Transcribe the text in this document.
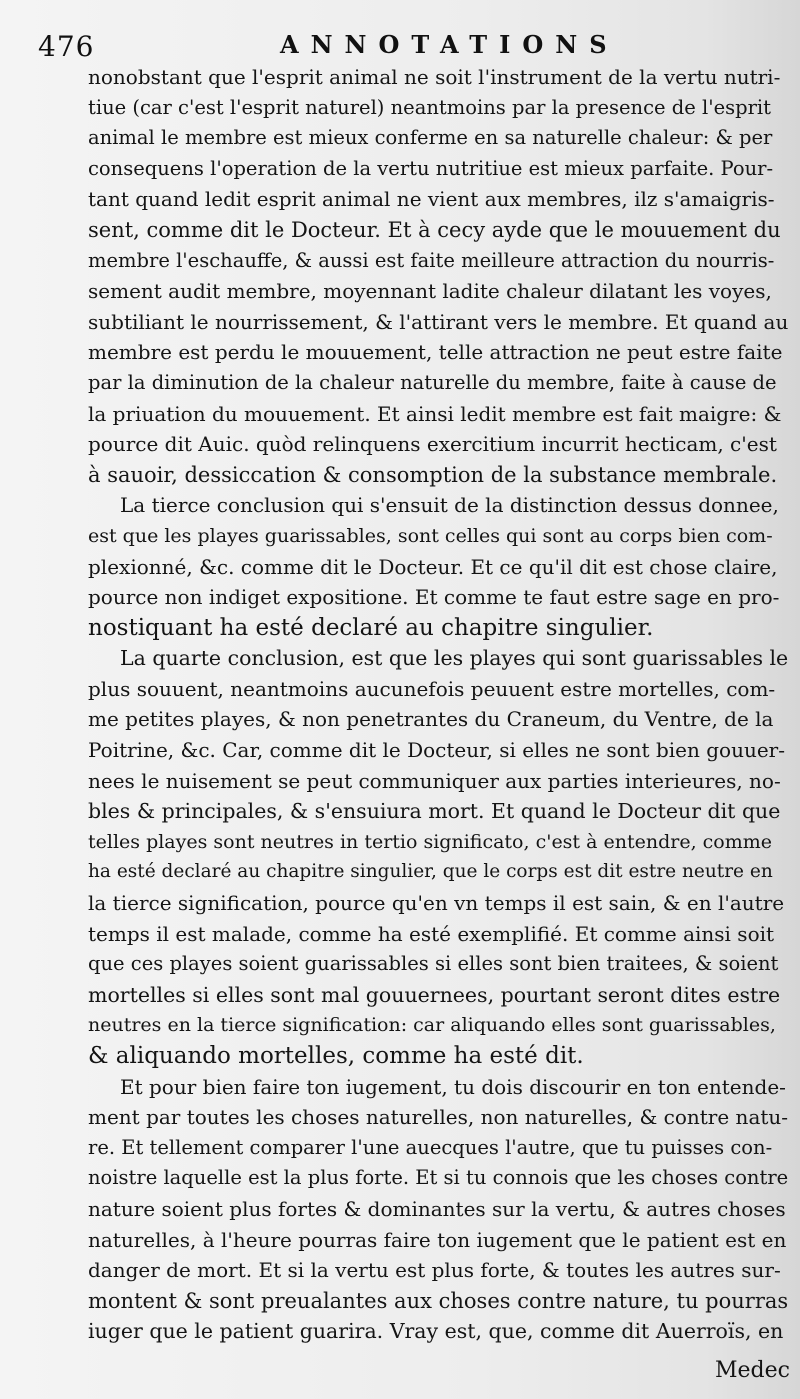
476	ANNOTATIONS
nonobstant que l'esprit animal ne soit l'instrument de la vertu nutri-
tiue (car c'est l'esprit naturel) neantmoins par la presence de l'esprit
animal le membre est mieux conferme en sa naturelle chaleur: & per
consequens l'operation de la vertu nutritiue est mieux parfaite. Pour-
tant quand ledit esprit animal ne vient aux membres, ilz s'amaigris-
sent, comme dit le Docteur. Et à cecy ayde que le mouuement du
membre l'eschauffe, & aussi est faite meilleure attraction du nourris-
sement audit membre, moyennant ladite chaleur dilatant les voyes,
subtiliant le nourrissement, & l'attirant vers le membre. Et quand au
membre est perdu le mouuement, telle attraction ne peut estre faite
par la diminution de la chaleur naturelle du membre, faite à cause de
la priuation du mouuement. Et ainsi ledit membre est fait maigre: &
pource dit Auic. quòd relinquens exercitium incurrit hecticam, c'est
à sauoir, dessiccation & consomption de la substance membrale.
La tierce conclusion qui s'ensuit de la distinction dessus donnee,
est que les playes guarissables, sont celles qui sont au corps bien com-
plexionné, &c. comme dit le Docteur. Et ce qu'il dit est chose claire,
pource non indiget expositione. Et comme te faut estre sage en pro-
nostiquant ha esté declaré au chapitre singulier.
La quarte conclusion, est que les playes qui sont guarissables le
plus souuent, neantmoins aucunefois peuuent estre mortelles, com-
me petites playes, & non penetrantes du Craneum, du Ventre, de la
Poitrine, &c. Car, comme dit le Docteur, si elles ne sont bien gouuer-
nees le nuisement se peut communiquer aux parties interieures, no-
bles & principales, & s'ensuiura mort. Et quand le Docteur dit que
telles playes sont neutres in tertio significato, c'est à entendre, comme
ha esté declaré au chapitre singulier, que le corps est dit estre neutre en
la tierce signification, pource qu'en vn temps il est sain, & en l'autre
temps il est malade, comme ha esté exemplifié. Et comme ainsi soit
que ces playes soient guarissables si elles sont bien traitees, & soient
mortelles si elles sont mal gouuernees, pourtant seront dites estre
neutres en la tierce signification: car aliquando elles sont guarissables,
& aliquando mortelles, comme ha esté dit.
Et pour bien faire ton iugement, tu dois discourir en ton entende-
ment par toutes les choses naturelles, non naturelles, & contre natu-
re. Et tellement comparer l'une auecques l'autre, que tu puisses con-
noistre laquelle est la plus forte. Et si tu connois que les choses contre
nature soient plus fortes & dominantes sur la vertu, & autres choses
naturelles, à l'heure pourras faire ton iugement que le patient est en
danger de mort. Et si la vertu est plus forte, & toutes les autres sur-
montent & sont preualantes aux choses contre nature, tu pourras
iuger que le patient guarira. Vray est, que, comme dit Auerroïs, en
Medec
